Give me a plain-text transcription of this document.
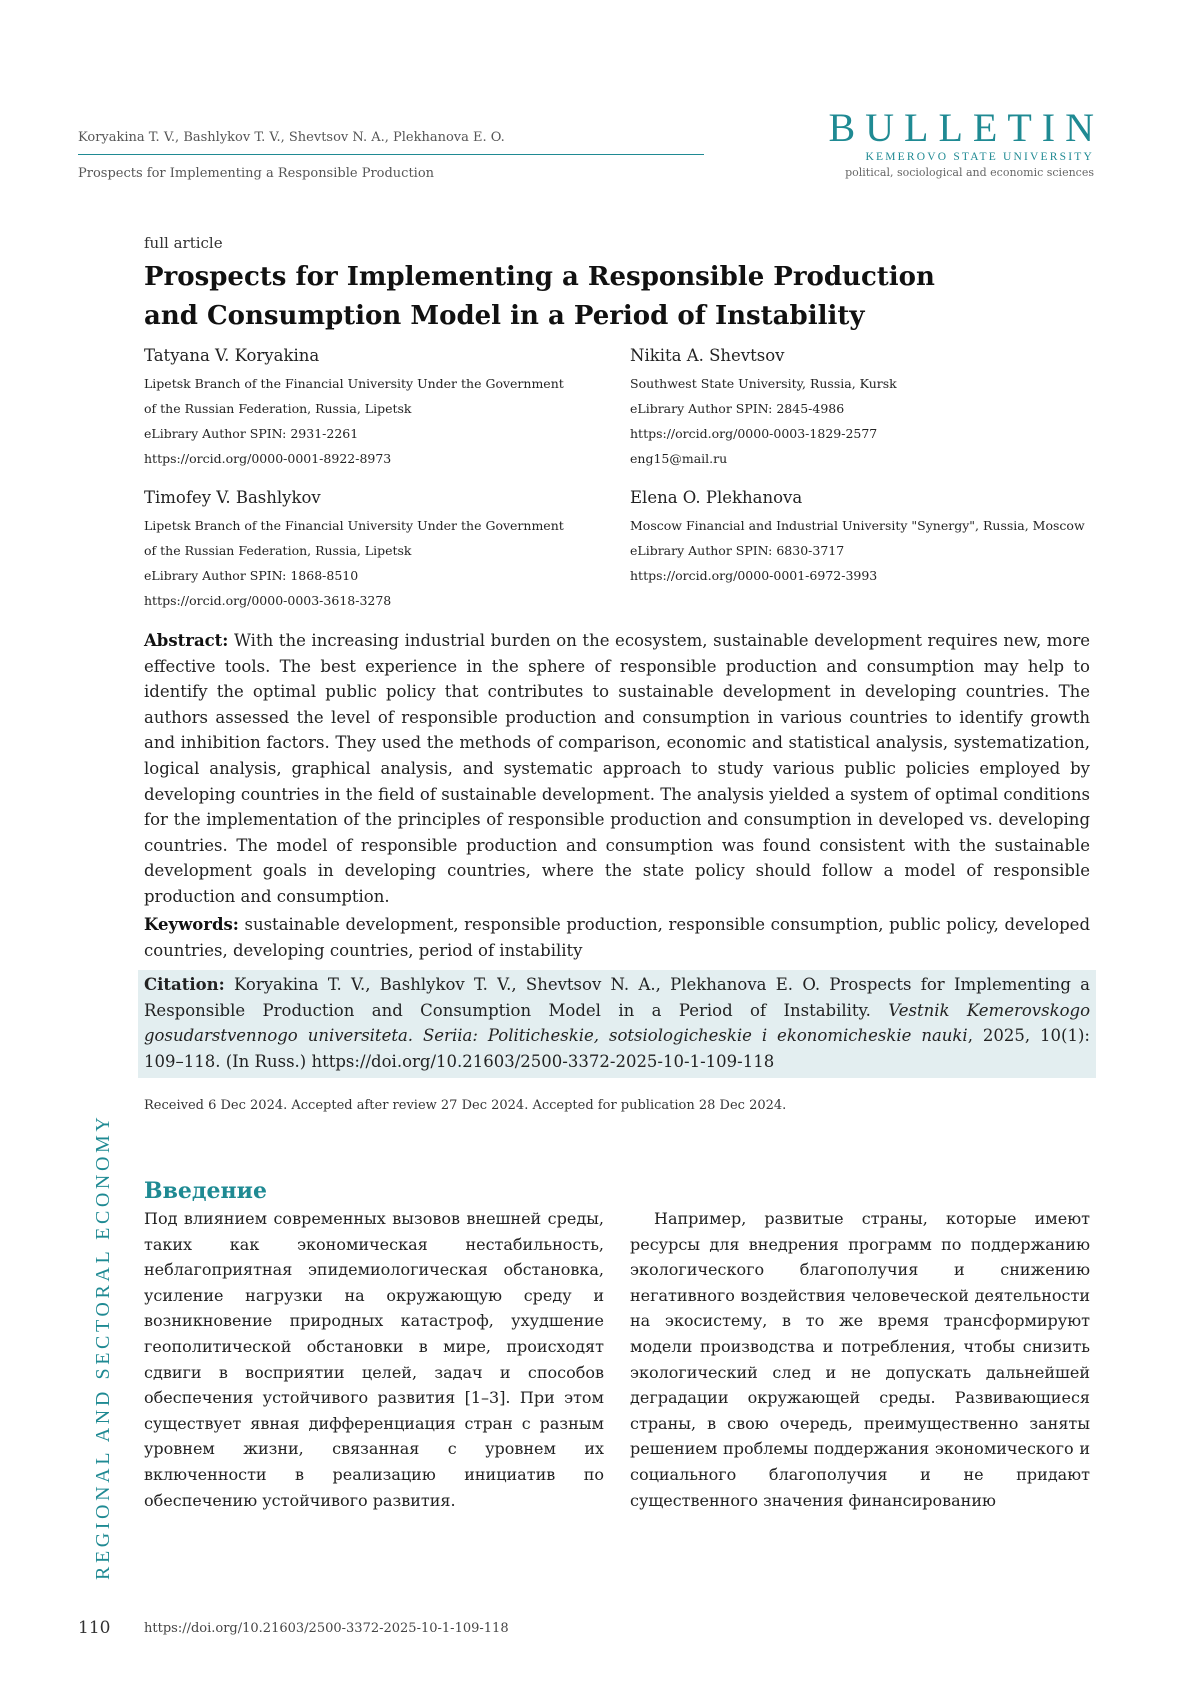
Koryakina T. V., Bashlykov T. V., Shevtsov N. A., Plekhanova E. O.
Prospects for Implementing a Responsible Production
BULLETIN
KEMEROVO STATE UNIVERSITY
political, sociological and economic sciences
full article
Prospects for Implementing a Responsible Production
and Consumption Model in a Period of Instability
Tatyana V. Koryakina
Lipetsk Branch of the Financial University Under the Government
of the Russian Federation, Russia, Lipetsk
eLibrary Author SPIN: 2931-2261
https://orcid.org/0000-0001-8922-8973
Nikita A. Shevtsov
Southwest State University, Russia, Kursk
eLibrary Author SPIN: 2845-4986
https://orcid.org/0000-0003-1829-2577
eng15@mail.ru
Timofey V. Bashlykov
Lipetsk Branch of the Financial University Under the Government
of the Russian Federation, Russia, Lipetsk
eLibrary Author SPIN: 1868-8510
https://orcid.org/0000-0003-3618-3278
Elena O. Plekhanova
Moscow Financial and Industrial University "Synergy", Russia, Moscow
eLibrary Author SPIN: 6830-3717
https://orcid.org/0000-0001-6972-3993
Abstract: With the increasing industrial burden on the ecosystem, sustainable development requires new, more effective tools. The best experience in the sphere of responsible production and consumption may help to identify the optimal public policy that contributes to sustainable development in developing countries. The authors assessed the level of responsible production and consumption in various countries to identify growth and inhibition factors. They used the methods of comparison, economic and statistical analysis, systematization, logical analysis, graphical analysis, and systematic approach to study various public policies employed by developing countries in the field of sustainable development. The analysis yielded a system of optimal conditions for the implementation of the principles of responsible production and consumption in developed vs. developing countries. The model of responsible production and consumption was found consistent with the sustainable development goals in developing countries, where the state policy should follow a model of responsible production and consumption.
Keywords: sustainable development, responsible production, responsible consumption, public policy, developed countries, developing countries, period of instability
Citation: Koryakina T. V., Bashlykov T. V., Shevtsov N. A., Plekhanova E. O. Prospects for Implementing a Responsible Production and Consumption Model in a Period of Instability. Vestnik Kemerovskogo gosudarstvennogo universiteta. Seriia: Politicheskie, sotsiologicheskie i ekonomicheskie nauki, 2025, 10(1): 109–118. (In Russ.) https://doi.org/10.21603/2500-3372-2025-10-1-109-118
Received 6 Dec 2024. Accepted after review 27 Dec 2024. Accepted for publication 28 Dec 2024.
Введение

Под влиянием современных вызовов внешней среды, таких как экономическая нестабильность, неблагоприятная эпидемиологическая обстановка, усиление нагрузки на окружающую среду и возникновение природных катастроф, ухудшение геополитической обстановки в мире, происходят сдвиги в восприятии целей, задач и способов обеспечения устойчивого развития [1–3]. При этом существует явная дифференциация стран с разным уровнем жизни, связанная с уровнем их включенности в реализацию инициатив по обеспечению устойчивого развития.

Например, развитые страны, которые имеют ресурсы для внедрения программ по поддержанию экологического благополучия и снижению негативного воздействия человеческой деятельности на экосистему, в то же время трансформируют модели производства и потребления, чтобы снизить экологический след и не допускать дальнейшей деградации окружающей среды. Развивающиеся страны, в свою очередь, преимущественно заняты решением проблемы поддержания экономического и социального благополучия и не придают существенного значения финансированию

REGIONAL AND SECTORAL ECONOMY
110	https://doi.org/10.21603/2500-3372-2025-10-1-109-118
